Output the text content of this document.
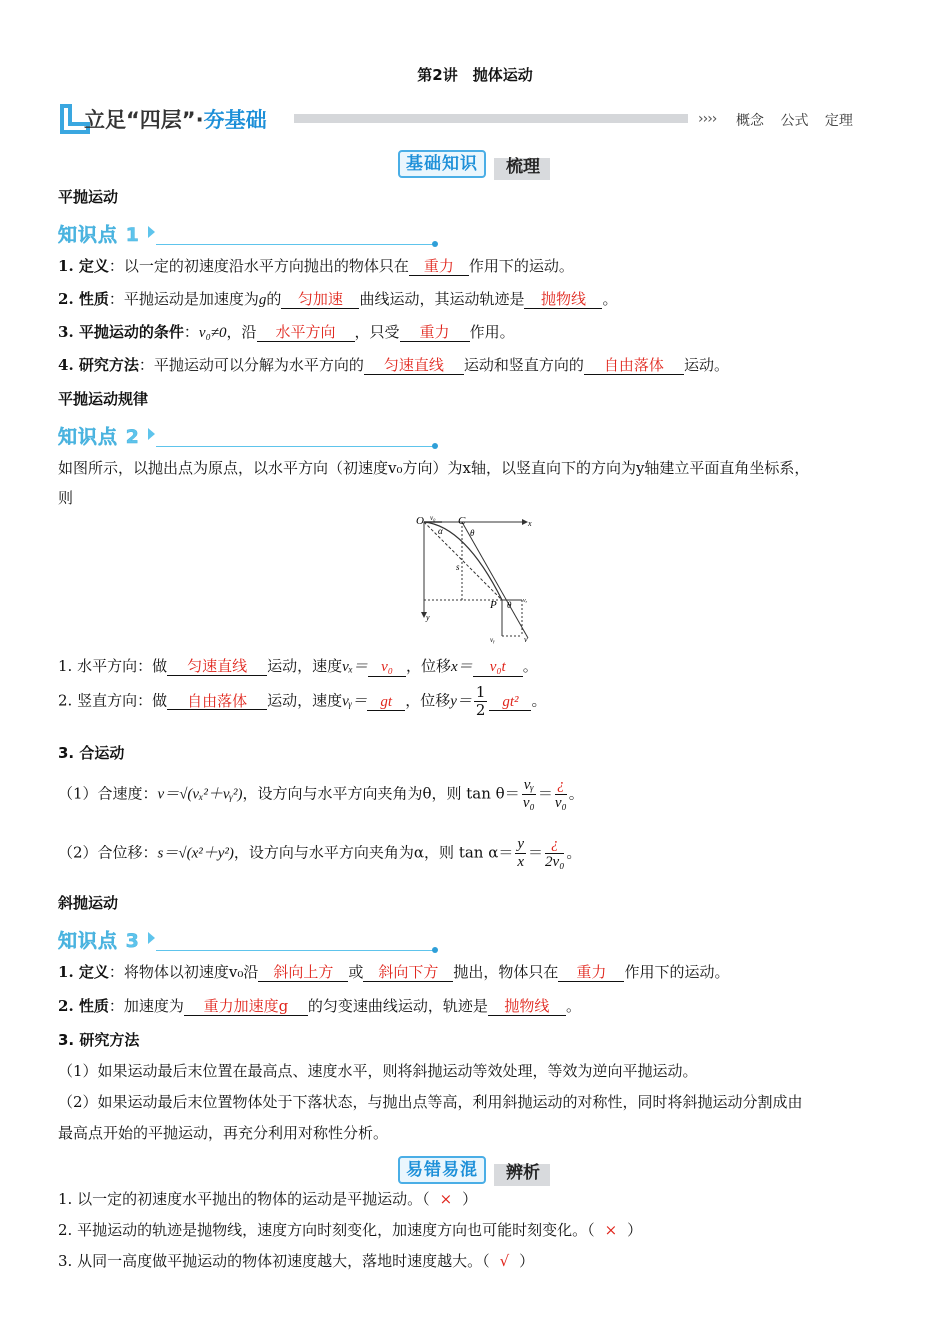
第2讲　抛体运动
立足“四层”·夯基础	›››› 概念 公式 定理
基础知识	梳理
平抛运动
知识点 1
1. 定义：以一定的初速度沿水平方向抛出的物体只在 重力 作用下的运动。
2. 性质：平抛运动是加速度为g的 匀加速 曲线运动，其运动轨迹是 抛物线 。
3. 平抛运动的条件：v₀≠0，沿 水平方向 ，只受 重力 作用。
4. 研究方法：平抛运动可以分解为水平方向的 匀速直线 运动和竖直方向的 自由落体 运动。
平抛运动规律
知识点 2
如图所示，以抛出点为原点，以水平方向（初速度v₀方向）为x轴，以竖直向下的方向为y轴建立平面直角坐标系，
则
O v₀ C	x
α	θ
s
P θ vₓ
vᵧ	v
y
1. 水平方向：做 匀速直线 运动，速度vₓ＝ v₀ ，位移x＝ v₀t 。
2. 竖直方向：做 自由落体 运动，速度vᵧ＝ gt ，位移$y= \frac{1}{2} gt^2$ 。
3. 合运动
（1）合速度：v＝√(vₓ²＋vᵧ²)，设方向与水平方向夹角为θ，则 $\tan \theta= \frac{\text{vᵧ}}{\text{v₀}} = \frac{¿}{\text{v₀}}$ 。
（2）合位移：s＝√(x²＋y²)，设方向与水平方向夹角为α，则 $\tan \alpha= \frac{y}{x} = \frac{¿}{\text{2v₀}}$ 。
斜抛运动
知识点 3
1. 定义：将物体以初速度v₀沿 斜向上方 或 斜向下方 抛出，物体只在 重力 作用下的运动。
2. 性质：加速度为 重力加速度g 的匀变速曲线运动，轨迹是 抛物线 。
3. 研究方法
（1）如果运动最后末位置在最高点、速度水平，则将斜抛运动等效处理，等效为逆向平抛运动。
（2）如果运动最后末位置物体处于下落状态，与抛出点等高，利用斜抛运动的对称性，同时将斜抛运动分割成由
最高点开始的平抛运动，再充分利用对称性分析。
易错易混	辨析
1. 以一定的初速度水平抛出的物体的运动是平抛运动。（ × ）
2. 平抛运动的轨迹是抛物线，速度方向时刻变化，加速度方向也可能时刻变化。（ × ）
3. 从同一高度做平抛运动的物体初速度越大，落地时速度越大。（ √ ）
